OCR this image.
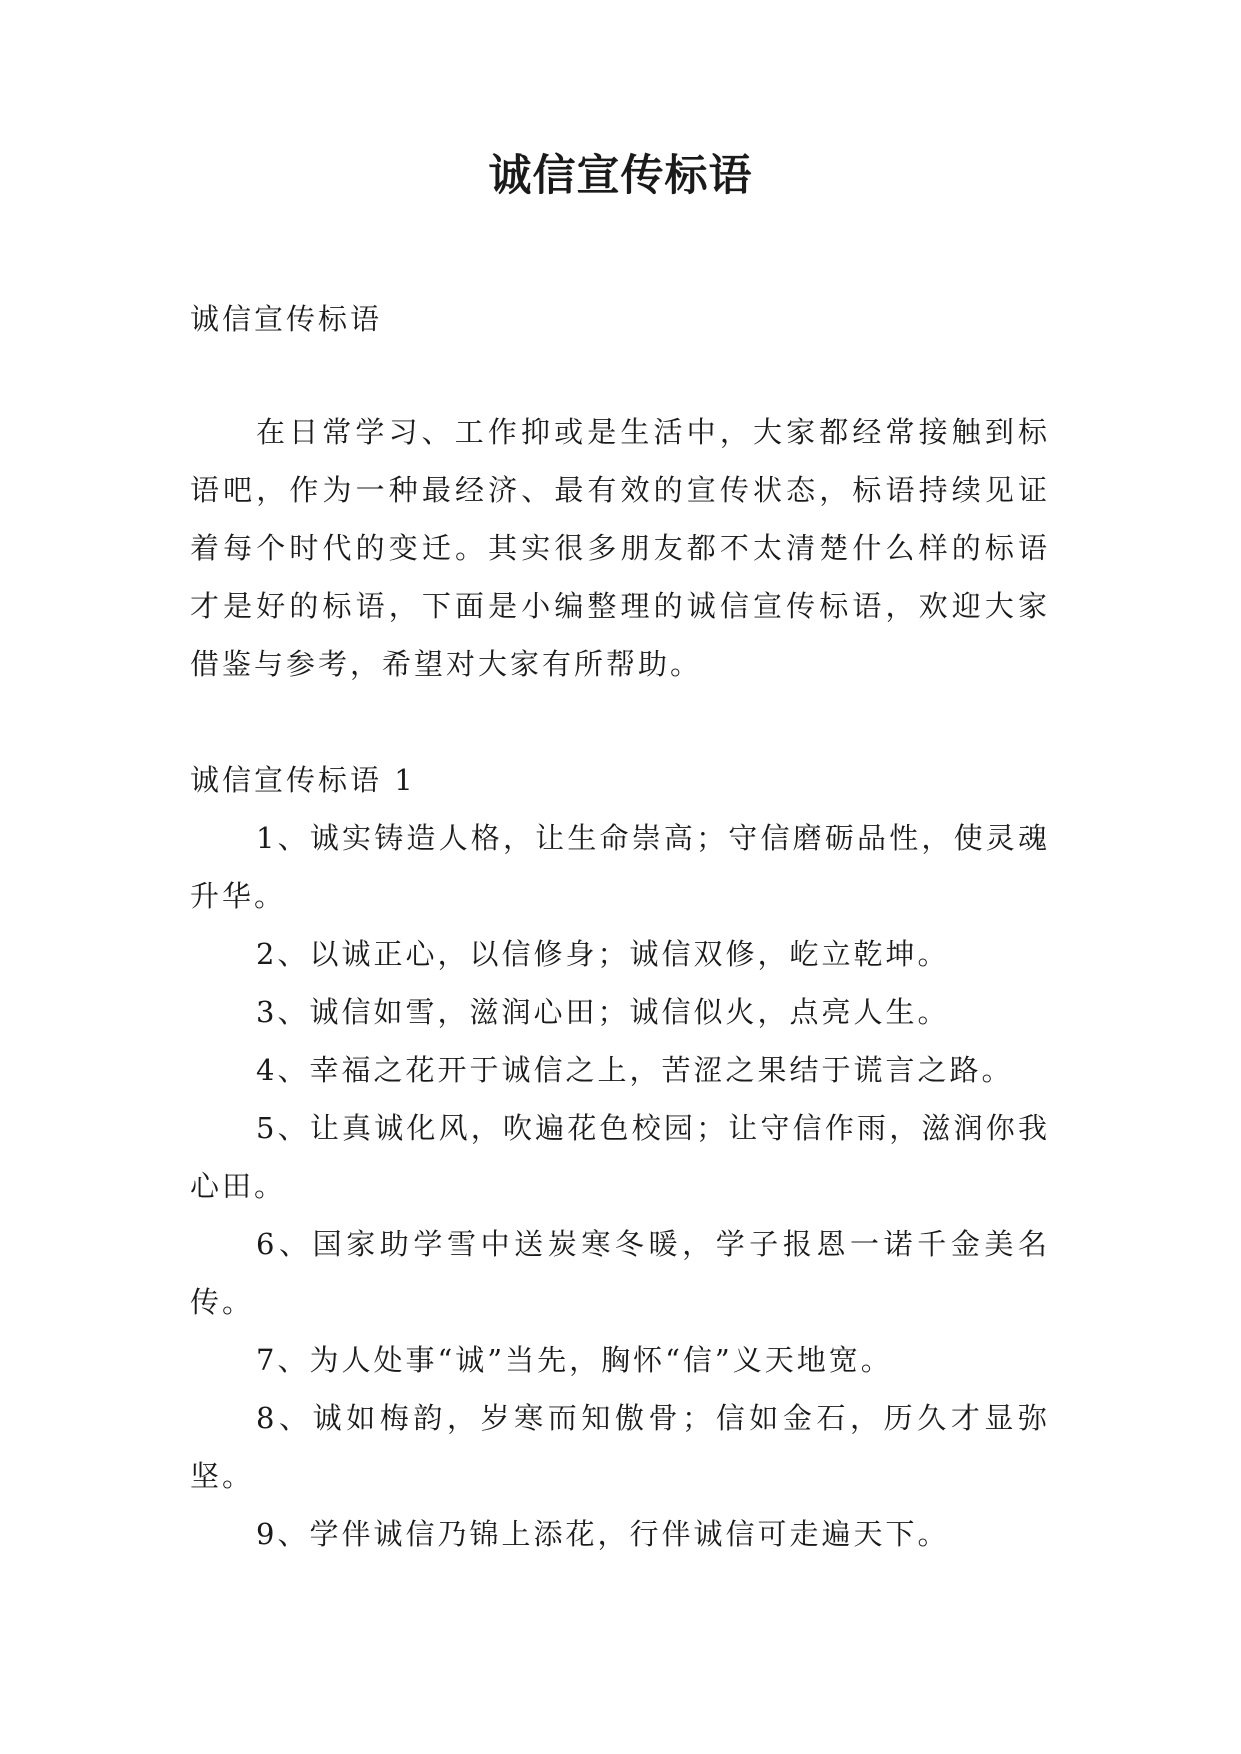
诚信宣传标语

诚信宣传标语

在日常学习、工作抑或是生活中，大家都经常接触到标语吧，作为一种最经济、最有效的宣传状态，标语持续见证着每个时代的变迁。其实很多朋友都不太清楚什么样的标语才是好的标语，下面是小编整理的诚信宣传标语，欢迎大家借鉴与参考，希望对大家有所帮助。

诚信宣传标语 1

1、诚实铸造人格，让生命崇高；守信磨砺品性，使灵魂升华。
2、以诚正心，以信修身；诚信双修，屹立乾坤。
3、诚信如雪，滋润心田；诚信似火，点亮人生。
4、幸福之花开于诚信之上，苦涩之果结于谎言之路。
5、让真诚化风，吹遍花色校园；让守信作雨，滋润你我心田。
6、国家助学雪中送炭寒冬暖，学子报恩一诺千金美名传。
7、为人处事“诚”当先，胸怀“信”义天地宽。
8、诚如梅韵，岁寒而知傲骨；信如金石，历久才显弥坚。
9、学伴诚信乃锦上添花，行伴诚信可走遍天下。
